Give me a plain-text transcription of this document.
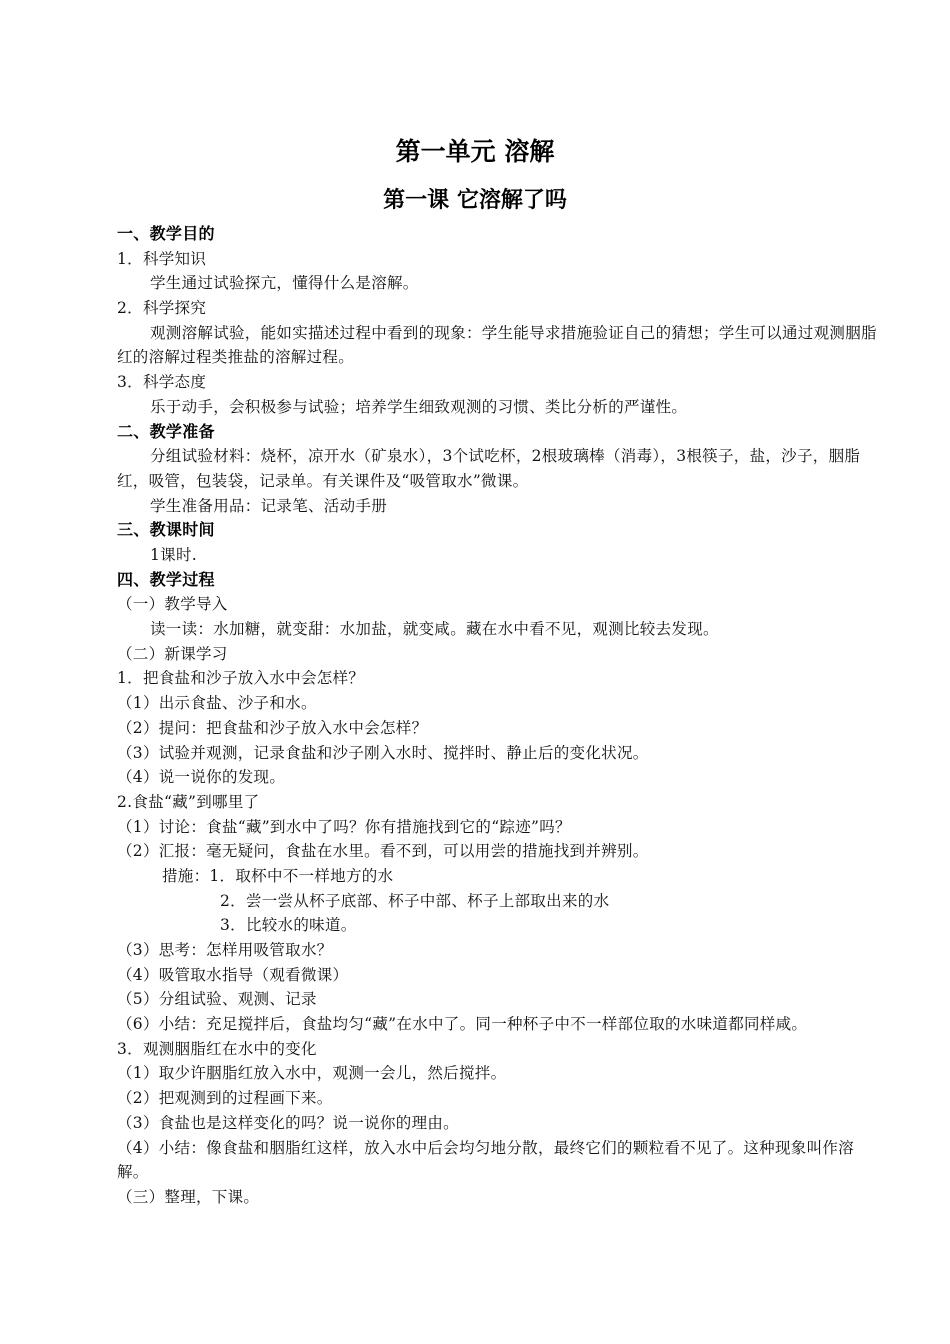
第一单元 溶解
第一课 它溶解了吗
一、教学目的
1．科学知识
学生通过试验探亢，懂得什么是溶解。
2．科学探究
观测溶解试验，能如实描述过程中看到的现象：学生能导求措施验证自己的猜想；学生可以通过观测胭脂红的溶解过程类推盐的溶解过程。
3．科学态度
乐于动手，会积极参与试验；培养学生细致观测的习惯、类比分析的严谨性。
二、教学准备
分组试验材料：烧杯，凉开水（矿泉水），3个试吃杯，2根玻璃棒（消毒），3根筷子，盐，沙子，胭脂红，吸管，包装袋，记录单。有关课件及“吸管取水”微课。
学生准备用品：记录笔、活动手册
三、教课时间
1课时.
四、教学过程
（一）教学导入
读一读：水加糖，就变甜：水加盐，就变咸。藏在水中看不见，观测比较去发现。
（二）新课学习
1．把食盐和沙子放入水中会怎样？
（1）出示食盐、沙子和水。
（2）提问：把食盐和沙子放入水中会怎样？
（3）试验并观测，记录食盐和沙子刚入水时、搅拌时、静止后的变化状况。
（4）说一说你的发现。
2.食盐“藏”到哪里了
（1）讨论：食盐“藏”到水中了吗？你有措施找到它的“踪迹”吗？
（2）汇报：毫无疑问，食盐在水里。看不到，可以用尝的措施找到并辨别。
措施：1．取杯中不一样地方的水
2．尝一尝从杯子底部、杯子中部、杯子上部取出来的水
3．比较水的味道。
（3）思考：怎样用吸管取水？
（4）吸管取水指导（观看微课）
（5）分组试验、观测、记录
（6）小结：充足搅拌后，食盐均匀“藏”在水中了。同一种杯子中不一样部位取的水味道都同样咸。
3．观测胭脂红在水中的变化
（1）取少许胭脂红放入水中，观测一会儿，然后搅拌。
（2）把观测到的过程画下来。
（3）食盐也是这样变化的吗？说一说你的理由。
（4）小结：像食盐和胭脂红这样，放入水中后会均匀地分散，最终它们的颗粒看不见了。这种现象叫作溶解。
（三）整理，下课。
